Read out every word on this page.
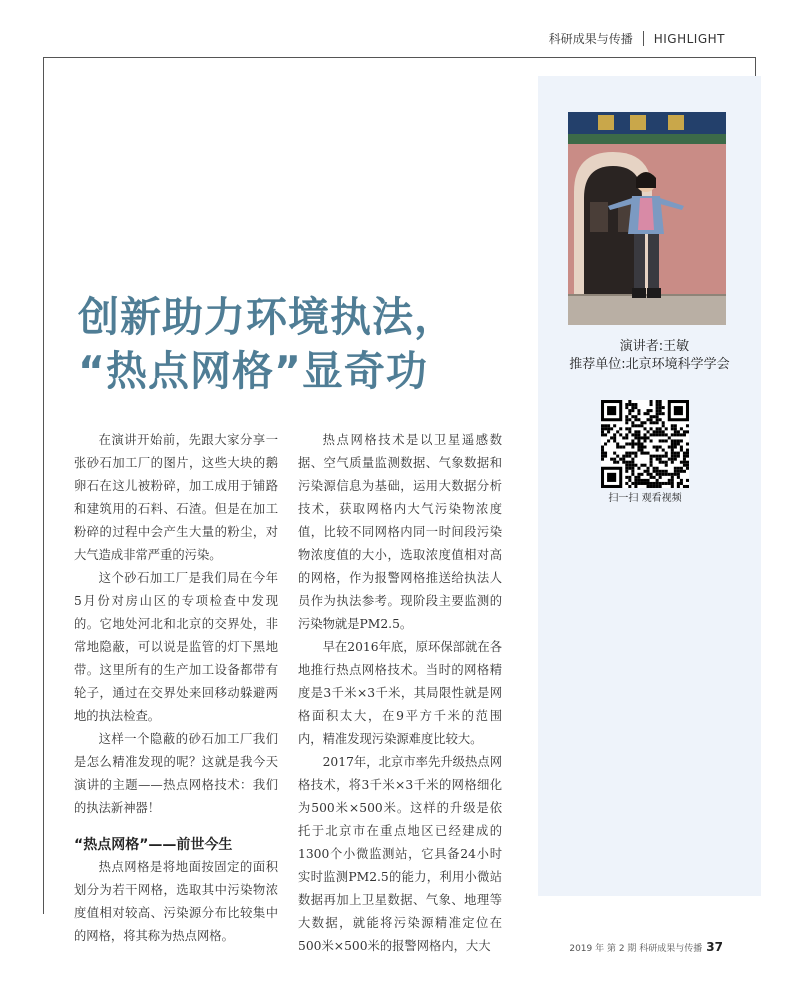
科研成果与传播 HIGHLIGHT
演讲者:王敏
推荐单位:北京环境科学学会
扫一扫 观看视频
创新助力环境执法，
“热点网格”显奇功

在演讲开始前，先跟大家分享一张砂石加工厂的图片，这些大块的鹅卵石在这儿被粉碎，加工成用于铺路和建筑用的石料、石渣。但是在加工粉碎的过程中会产生大量的粉尘，对大气造成非常严重的污染。

这个砂石加工厂是我们局在今年5月份对房山区的专项检查中发现的。它地处河北和北京的交界处，非常地隐蔽，可以说是监管的灯下黑地带。这里所有的生产加工设备都带有轮子，通过在交界处来回移动躲避两地的执法检查。

这样一个隐蔽的砂石加工厂我们是怎么精准发现的呢？这就是我今天演讲的主题——热点网格技术：我们的执法新神器！

“热点网格”——前世今生

热点网格是将地面按固定的面积划分为若干网格，选取其中污染物浓度值相对较高、污染源分布比较集中的网格，将其称为热点网格。

热点网格技术是以卫星遥感数据、空气质量监测数据、气象数据和污染源信息为基础，运用大数据分析技术，获取网格内大气污染物浓度值，比较不同网格内同一时间段污染物浓度值的大小，选取浓度值相对高的网格，作为报警网格推送给执法人员作为执法参考。现阶段主要监测的污染物就是PM2.5。

早在2016年底，原环保部就在各地推行热点网格技术。当时的网格精度是3千米×3千米，其局限性就是网格面积太大，在9平方千米的范围内，精准发现污染源难度比较大。

2017年，北京市率先升级热点网格技术，将3千米×3千米的网格细化为500米×500米。这样的升级是依托于北京市在重点地区已经建成的1300个小微监测站，它具备24小时实时监测PM2.5的能力，利用小微站数据再加上卫星数据、气象、地理等大数据，就能将污染源精准定位在500米×500米的报警网格内，大大	2019 年 第 2 期 科研成果与传播 37
